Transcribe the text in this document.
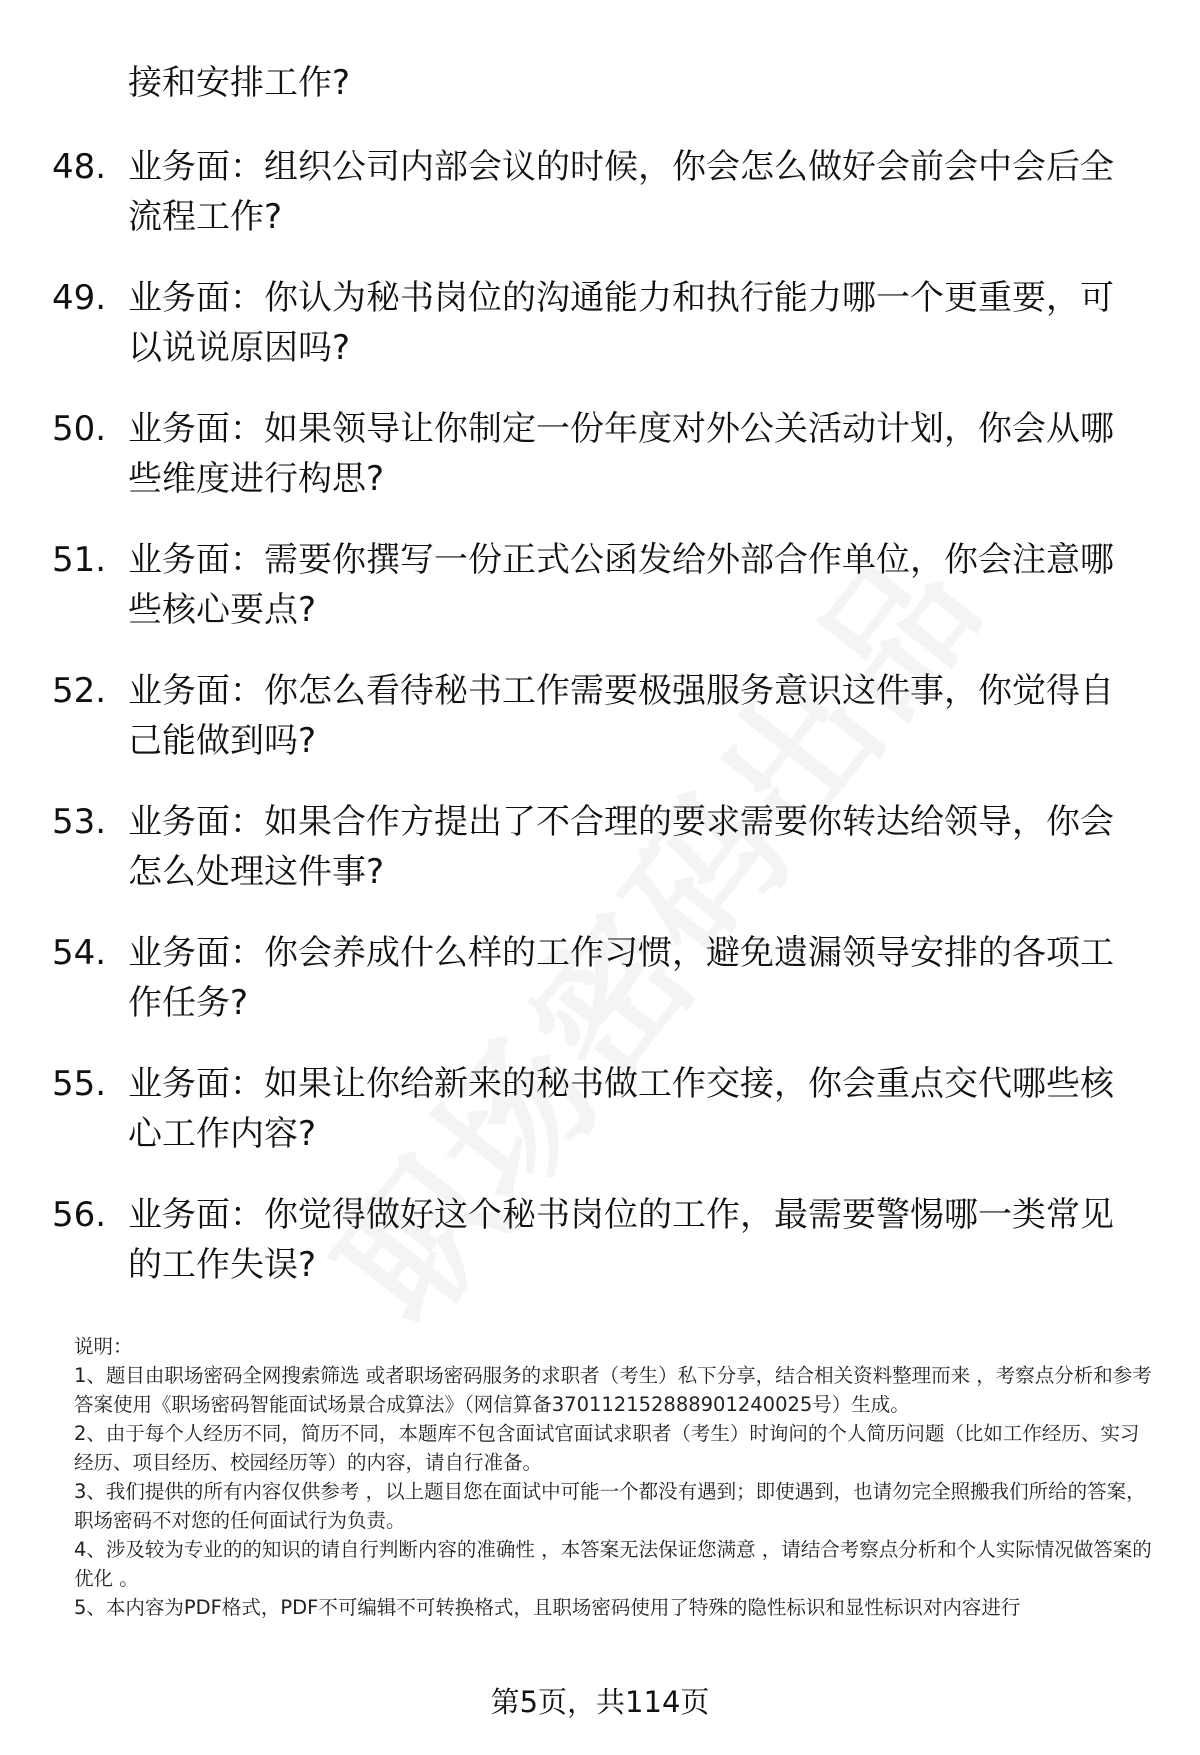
接和安排工作?
48. 业务面：组织公司内部会议的时候，你会怎么做好会前会中会后全流程工作?
49. 业务面：你认为秘书岗位的沟通能力和执行能力哪一个更重要，可以说说原因吗?
50. 业务面：如果领导让你制定一份年度对外公关活动计划，你会从哪些维度进行构思?
51. 业务面：需要你撰写一份正式公函发给外部合作单位，你会注意哪些核心要点?
52. 业务面：你怎么看待秘书工作需要极强服务意识这件事，你觉得自己能做到吗?
53. 业务面：如果合作方提出了不合理的要求需要你转达给领导，你会怎么处理这件事?
54. 业务面：你会养成什么样的工作习惯，避免遗漏领导安排的各项工作任务?
55. 业务面：如果让你给新来的秘书做工作交接，你会重点交代哪些核心工作内容?
56. 业务面：你觉得做好这个秘书岗位的工作，最需要警惕哪一类常见的工作失误?

说明：

1、题目由职场密码全网搜索筛选 或者职场密码服务的求职者（考生）私下分享，结合相关资料整理而来 ，考察点分析和参考答案使用《职场密码智能面试场景合成算法》（网信算备370112152888901240025号）生成。

2、由于每个人经历不同，简历不同，本题库不包含面试官面试求职者（考生）时询问的个人简历问题（比如工作经历、实习经历、项目经历、校园经历等）的内容，请自行准备。

3、我们提供的所有内容仅供参考 ，以上题目您在面试中可能一个都没有遇到；即使遇到，也请勿完全照搬我们所给的答案，职场密码不对您的任何面试行为负责。

4、涉及较为专业的的知识的请自行判断内容的准确性 ，本答案无法保证您满意 ，请结合考察点分析和个人实际情况做答案的优化 。

5、本内容为PDF格式，PDF不可编辑不可转换格式，且职场密码使用了特殊的隐性标识和显性标识对内容进行

第5页，共114页
